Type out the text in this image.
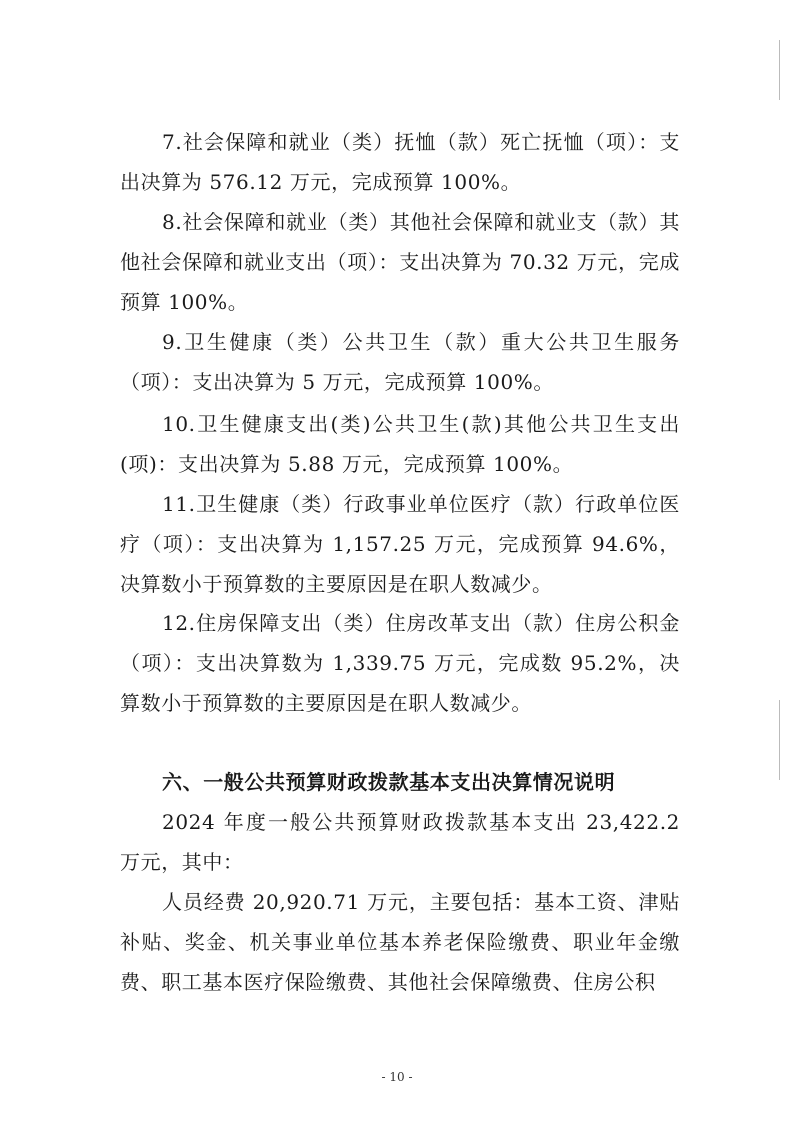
7.社会保障和就业（类）抚恤（款）死亡抚恤（项）：支出决算为 576.12 万元，完成预算 100%。

8.社会保障和就业（类）其他社会保障和就业支（款）其他社会保障和就业支出（项）：支出决算为 70.32 万元，完成预算 100%。

9.卫生健康（类）公共卫生（款）重大公共卫生服务（项）：支出决算为 5 万元，完成预算 100%。

10.卫生健康支出(类)公共卫生(款)其他公共卫生支出(项)：支出决算为 5.88 万元，完成预算 100%。

11.卫生健康（类）行政事业单位医疗（款）行政单位医疗（项）：支出决算为 1,157.25 万元，完成预算 94.6%，决算数小于预算数的主要原因是在职人数减少。

12.住房保障支出（类）住房改革支出（款）住房公积金（项）：支出决算数为 1,339.75 万元，完成数 95.2%，决算数小于预算数的主要原因是在职人数减少。

六、一般公共预算财政拨款基本支出决算情况说明

2024 年度一般公共预算财政拨款基本支出 23,422.2 万元，其中：

人员经费 20,920.71 万元，主要包括：基本工资、津贴补贴、奖金、机关事业单位基本养老保险缴费、职业年金缴费、职工基本医疗保险缴费、其他社会保障缴费、住房公积

- 10 -
